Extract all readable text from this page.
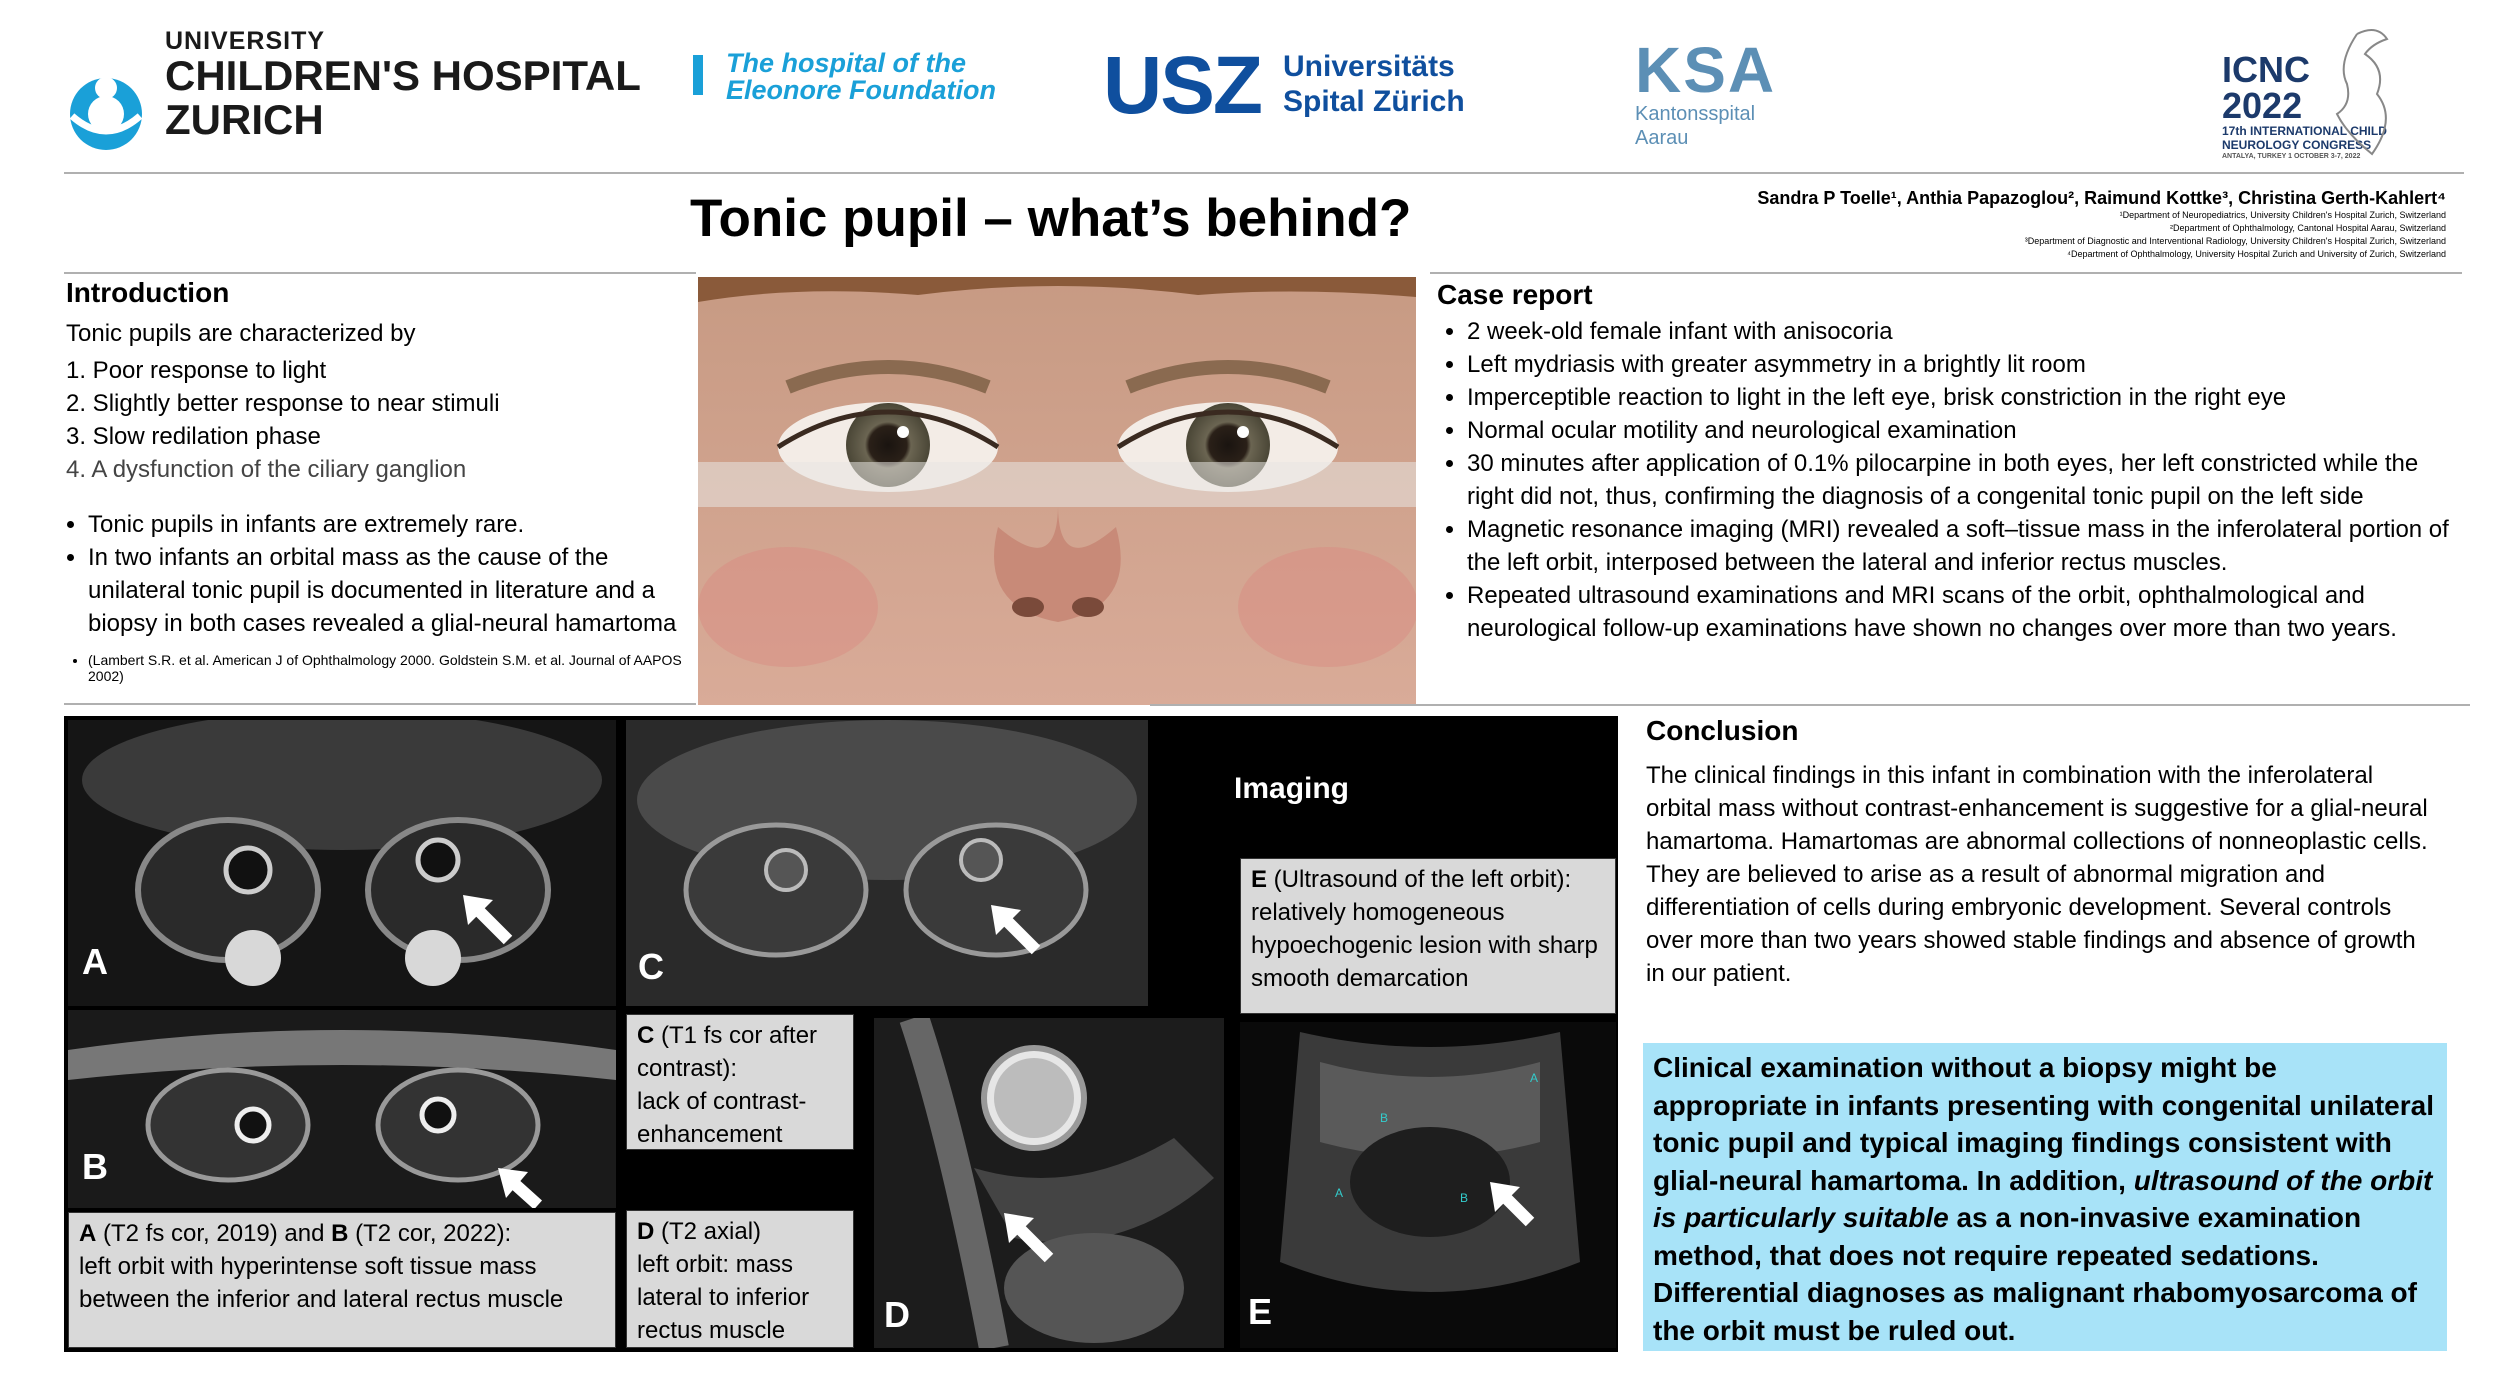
UNIVERSITY
CHILDREN'S HOSPITAL
ZURICH
The hospital of the
Eleonore Foundation USZ Universitäts
Spital Zürich	KSA
Kantonsspital
Aarau
ICNC
2022
17th INTERNATIONAL CHILD
NEUROLOGY CONGRESS
ANTALYA, TURKEY 1 OCTOBER 3-7, 2022
Tonic pupil – what’s behind?	Sandra P Toelle¹, Anthia Papazoglou², Raimund Kottke³, Christina Gerth-Kahlert⁴
¹Department of Neuropediatrics, University Children's Hospital Zurich, Switzerland
²Department of Ophthalmology, Cantonal Hospital Aarau, Switzerland
³Department of Diagnostic and Interventional Radiology, University Children's Hospital Zurich, Switzerland
⁴Department of Ophthalmology, University Hospital Zurich and University of Zurich, Switzerland
Introduction
Tonic pupils are characterized by
1. Poor response to light
2. Slightly better response to near stimuli
3. Slow redilation phase
4. A dysfunction of the ciliary ganglion
• Tonic pupils in infants are extremely rare.
• In two infants an orbital mass as the cause of the unilateral tonic pupil is documented in literature and a biopsy in both cases revealed a glial-neural hamartoma
• (Lambert S.R. et al. American J of Ophthalmology 2000. Goldstein S.M. et al. Journal of AAPOS 2002)
Case report
• 2 week-old female infant with anisocoria
• Left mydriasis with greater asymmetry in a brightly lit room
• Imperceptible reaction to light in the left eye, brisk constriction in the right eye
• Normal ocular motility and neurological examination
• 30 minutes after application of 0.1% pilocarpine in both eyes, her left constricted while the right did not, thus, confirming the diagnosis of a congenital tonic pupil on the left side
• Magnetic resonance imaging (MRI) revealed a soft–tissue mass in the inferolateral portion of the left orbit, interposed between the lateral and inferior rectus muscles.
• Repeated ultrasound examinations and MRI scans of the orbit, ophthalmological and neurological follow-up examinations have shown no changes over more than two years.
A
B
C
Imaging
E (Ultrasound of the left orbit): relatively homogeneous hypoechogenic lesion with sharp smooth demarcation
C (T1 fs cor after contrast):
lack of contrast-enhancement
D
B
B
A
A
E
A (T2 fs cor, 2019) and B (T2 cor, 2022):
left orbit with hyperintense soft tissue mass between the inferior and lateral rectus muscle
D (T2 axial)
left orbit: mass lateral to inferior rectus muscle
Conclusion

The clinical findings in this infant in combination with the inferolateral orbital mass without contrast-enhancement is suggestive for a glial-neural hamartoma. Hamartomas are abnormal collections of nonneoplastic cells. They are believed to arise as a result of abnormal migration and differentiation of cells during embryonic development. Several controls over more than two years showed stable findings and absence of growth in our patient.

Clinical examination without a biopsy might be appropriate in infants presenting with congenital unilateral tonic pupil and typical imaging findings consistent with glial-neural hamartoma. In addition, ultrasound of the orbit is particularly suitable as a non-invasive examination method, that does not require repeated sedations. Differential diagnoses as malignant rhabomyosarcoma of the orbit must be ruled out.
